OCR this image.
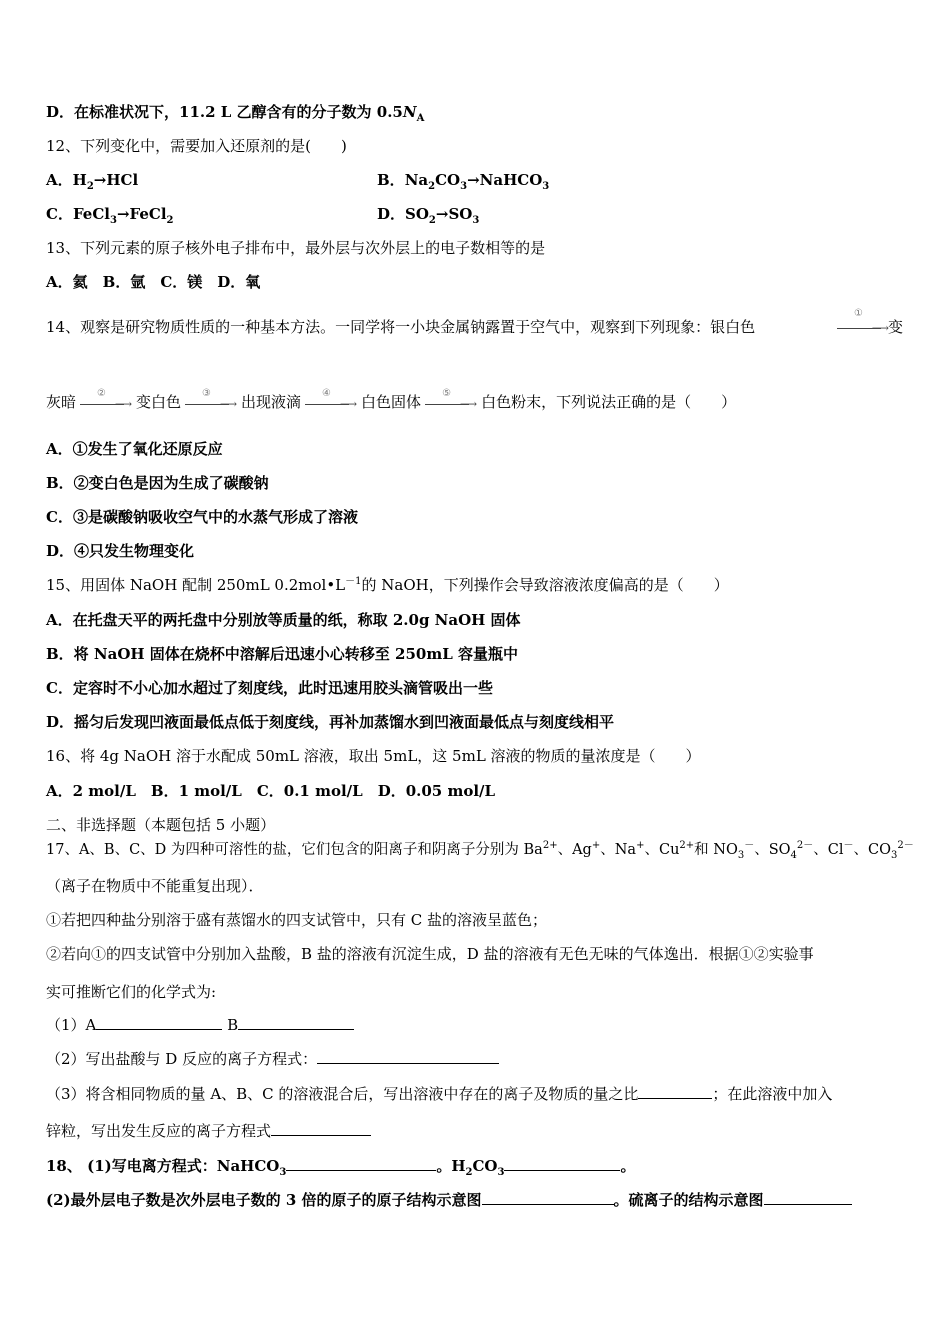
D．在标准状况下，11.2 L 乙醇含有的分子数为 $0.5N_A$
12、下列变化中，需要加入还原剂的是(　　)
A．$H_2\to HCl$	B．$Na_2CO_3\to NaHCO_3$
C．FeCl$_3$→FeCl$_2$	D．$SO_2\to SO_3$
13、下列元素的原子核外电子排布中，最外层与次外层上的电子数相等的是
A．氦　B．氩　C．镁　D．氧
14、观察是研究物质性质的一种基本方法。一同学将一小块金属钠露置于空气中，观察到下列现象：银白色
①
⟶ 变
灰暗 ②
⟶ 变白色 ③
⟶ 出现液滴 ④
⟶ 白色固体 ⑤
⟶ 白色粉末，下列说法正确的是（　　）
A．①发生了氧化还原反应
B．②变白色是因为生成了碳酸钠
C．③是碳酸钠吸收空气中的水蒸气形成了溶液
D．④只发生物理变化
15、用固体 NaOH 配制 250mL $0.2mol•L^{-1}$的 NaOH，下列操作会导致溶液浓度偏高的是（　　）
A．在托盘天平的两托盘中分别放等质量的纸，称取 2.0g NaOH 固体
B．将 NaOH 固体在烧杯中溶解后迅速小心转移至 250mL 容量瓶中
C．定容时不小心加水超过了刻度线，此时迅速用胶头滴管吸出一些
D．摇匀后发现凹液面最低点低于刻度线，再补加蒸馏水到凹液面最低点与刻度线相平
16、将 4g NaOH 溶于水配成 50mL 溶液，取出 5mL，这 5mL 溶液的物质的量浓度是（　　）
A．2 mol/L　B．1 mol/L　C．0.1 mol/L　D．0.05 mol/L
二、非选择题（本题包括 5 小题）
17、A、B、C、D 为四种可溶性的盐，它们包含的阳离子和阴离子分别为 $Ba^{2+}$、Ag+、Na+、$Cu^{2+}$和 $NO_3^-$、$SO_4^{2-}$、Cl－、$CO_3^{2-}$
（离子在物质中不能重复出现）．
①若把四种盐分别溶于盛有蒸馏水的四支试管中，只有 C 盐的溶液呈蓝色；
②若向①的四支试管中分别加入盐酸，B 盐的溶液有沉淀生成，D 盐的溶液有无色无味的气体逸出．根据①②实验事
实可推断它们的化学式为:
（1）A	B
（2）写出盐酸与 D 反应的离子方程式：
（3）将含相同物质的量 A、B、C 的溶液混合后，写出溶液中存在的离子及物质的量之比	；在此溶液中加入
锌粒，写出发生反应的离子方程式
18、 (1)写电离方程式：NaHCO$_3$	。$H_2CO_3$	。
(2)最外层电子数是次外层电子数的 3 倍的原子的原子结构示意图	。硫离子的结构示意图
